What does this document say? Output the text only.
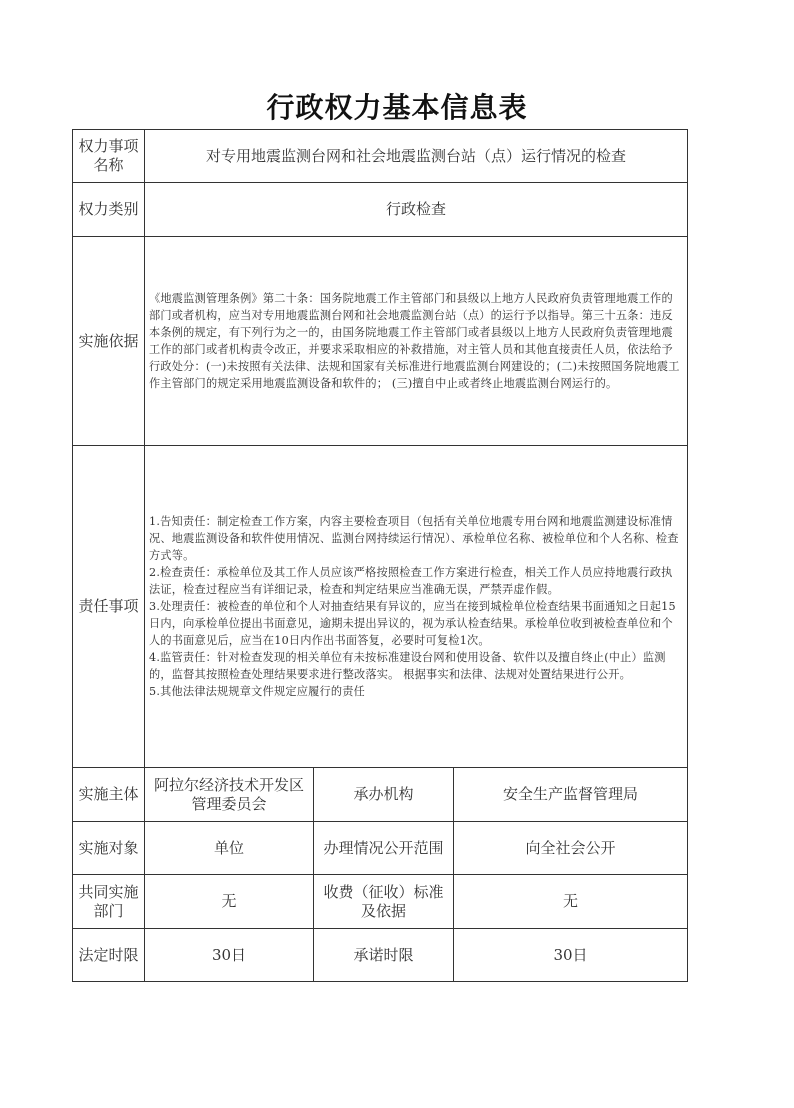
行政权力基本信息表
权力事项名称	对专用地震监测台网和社会地震监测台站（点）运行情况的检查		
权力类别	行政检查		
实施依据	《地震监测管理条例》第二十条：国务院地震工作主管部门和县级以上地方人民政府负责管理地震工作的部门或者机构，应当对专用地震监测台网和社会地震监测台站（点）的运行予以指导。第三十五条：违反本条例的规定，有下列行为之一的，由国务院地震工作主管部门或者县级以上地方人民政府负责管理地震工作的部门或者机构责令改正，并要求采取相应的补救措施，对主管人员和其他直接责任人员，依法给予行政处分：(一)未按照有关法律、法规和国家有关标准进行地震监测台网建设的；(二)未按照国务院地震工作主管部门的规定采用地震监测设备和软件的； (三)擅自中止或者终止地震监测台网运行的。		

责任事项	1.告知责任：制定检查工作方案，内容主要检查项目（包括有关单位地震专用台网和地震监测建设标准情况、地震监测设备和软件使用情况、监测台网持续运行情况）、承检单位名称、被检单位和个人名称、检查方式等。
2.检查责任：承检单位及其工作人员应该严格按照检查工作方案进行检查，相关工作人员应持地震行政执法证，检查过程应当有详细记录，检查和判定结果应当准确无误，严禁弄虚作假。
3.处理责任：被检查的单位和个人对抽查结果有异议的，应当在接到城检单位检查结果书面通知之日起15日内，向承检单位提出书面意见，逾期未提出异议的，视为承认检查结果。承检单位收到被检查单位和个人的书面意见后，应当在10日内作出书面答复，必要时可复检1次。
4.监管责任：针对检查发现的相关单位有未按标准建设台网和使用设备、软件以及擅自终止(中止）监测的，监督其按照检查处理结果要求进行整改落实。 根据事实和法律、法规对处置结果进行公开。
5.其他法律法规规章文件规定应履行的责任		

实施主体	阿拉尔经济技术开发区管理委员会	承办机构	安全生产监督管理局
实施对象	单位	办理情况公开范围	向全社会公开

共同实施部门	无	收费（征收）标准及依据	无
法定时限	30日	承诺时限	30日
